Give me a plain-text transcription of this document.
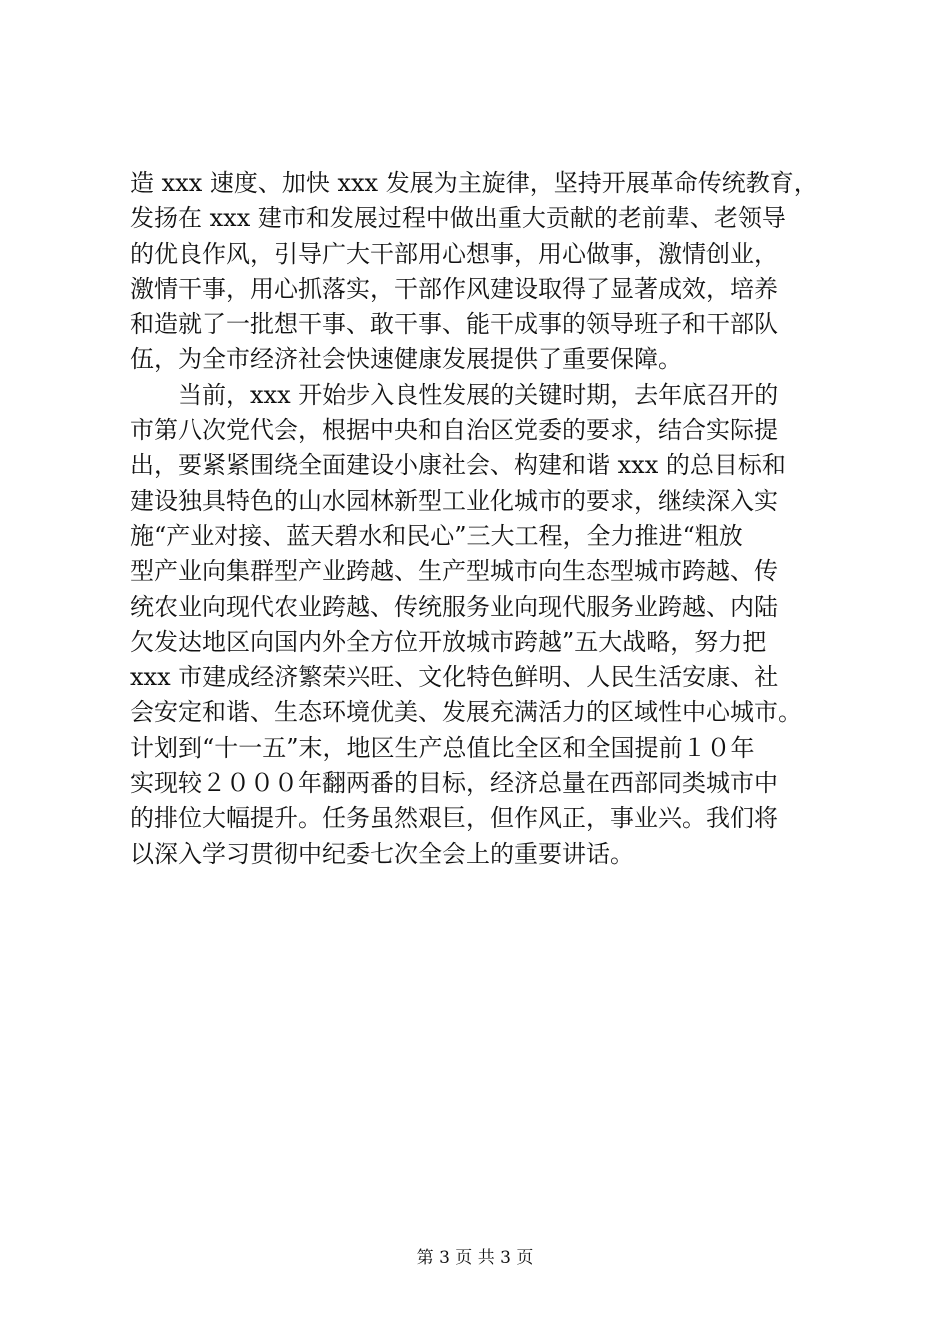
造 xxx 速度、加快 xxx 发展为主旋律，坚持开展革命传统教育，
发扬在 xxx 建市和发展过程中做出重大贡献的老前辈、老领导
的优良作风，引导广大干部用心想事，用心做事，激情创业，
激情干事，用心抓落实，干部作风建设取得了显著成效，培养
和造就了一批想干事、敢干事、能干成事的领导班子和干部队
伍，为全市经济社会快速健康发展提供了重要保障。
　　当前，xxx 开始步入良性发展的关键时期，去年底召开的
市第八次党代会，根据中央和自治区党委的要求，结合实际提
出，要紧紧围绕全面建设小康社会、构建和谐 xxx 的总目标和
建设独具特色的山水园林新型工业化城市的要求，继续深入实
施“产业对接、蓝天碧水和民心”三大工程，全力推进“粗放
型产业向集群型产业跨越、生产型城市向生态型城市跨越、传
统农业向现代农业跨越、传统服务业向现代服务业跨越、内陆
欠发达地区向国内外全方位开放城市跨越”五大战略，努力把
xxx 市建成经济繁荣兴旺、文化特色鲜明、人民生活安康、社
会安定和谐、生态环境优美、发展充满活力的区域性中心城市。
计划到“十一五”末，地区生产总值比全区和全国提前１０年
实现较２０００年翻两番的目标，经济总量在西部同类城市中
的排位大幅提升。任务虽然艰巨，但作风正，事业兴。我们将
以深入学习贯彻中纪委七次全会上的重要讲话。
第 3 页 共 3 页
